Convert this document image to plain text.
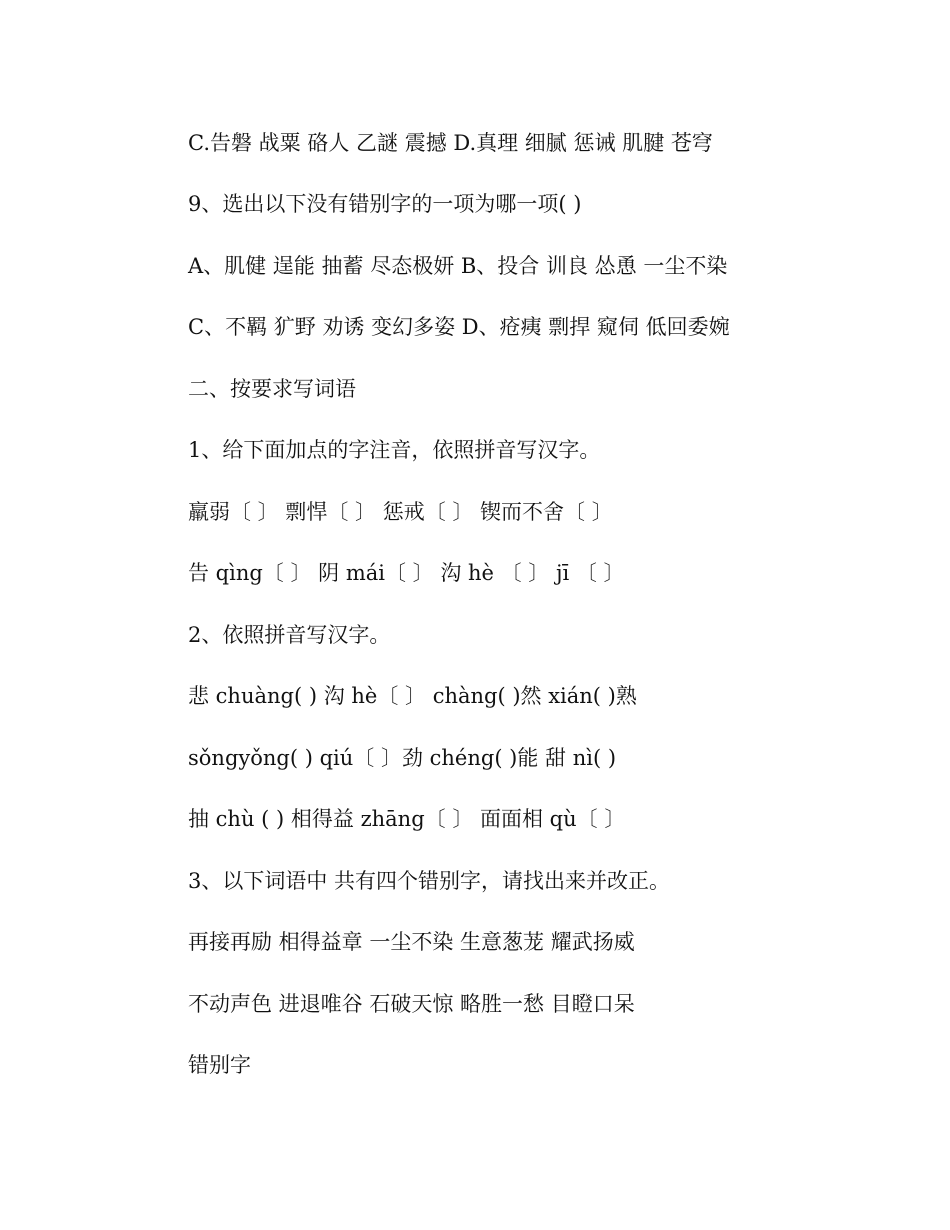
C.告磐 战粟 硌人 乙謎 震撼 D.真理 细腻 惩诫 肌腱 苍穹
9、选出以下没有错别字的一项为哪一项( )
A、肌健 逞能 抽蓄 尽态极妍 B、投合 训良 怂恿 一尘不染
C、不羁 犷野 劝诱 变幻多姿 D、疮痍 剽捍 窥伺 低回委婉
二、按要求写词语
1、给下面加点的字注音，依照拼音写汉字。
羸弱〔 〕 剽悍〔 〕 惩戒〔 〕 锲而不舍〔 〕
告 qìng〔 〕 阴 mái〔 〕 沟 hè 〔 〕 jī 〔 〕
2、依照拼音写汉字。
悲 chuàng( ) 沟 hè〔 〕 chàng( )然 xián( )熟
sǒngyǒng( ) qiú〔 〕劲 chéng( )能 甜 nì( )
抽 chù ( ) 相得益 zhāng〔 〕 面面相 qù〔 〕
3、以下词语中 共有四个错别字，请找出来并改正。
再接再励 相得益章 一尘不染 生意葱茏 耀武扬威
不动声色 进退唯谷 石破天惊 略胜一愁 目瞪口呆
错别字
